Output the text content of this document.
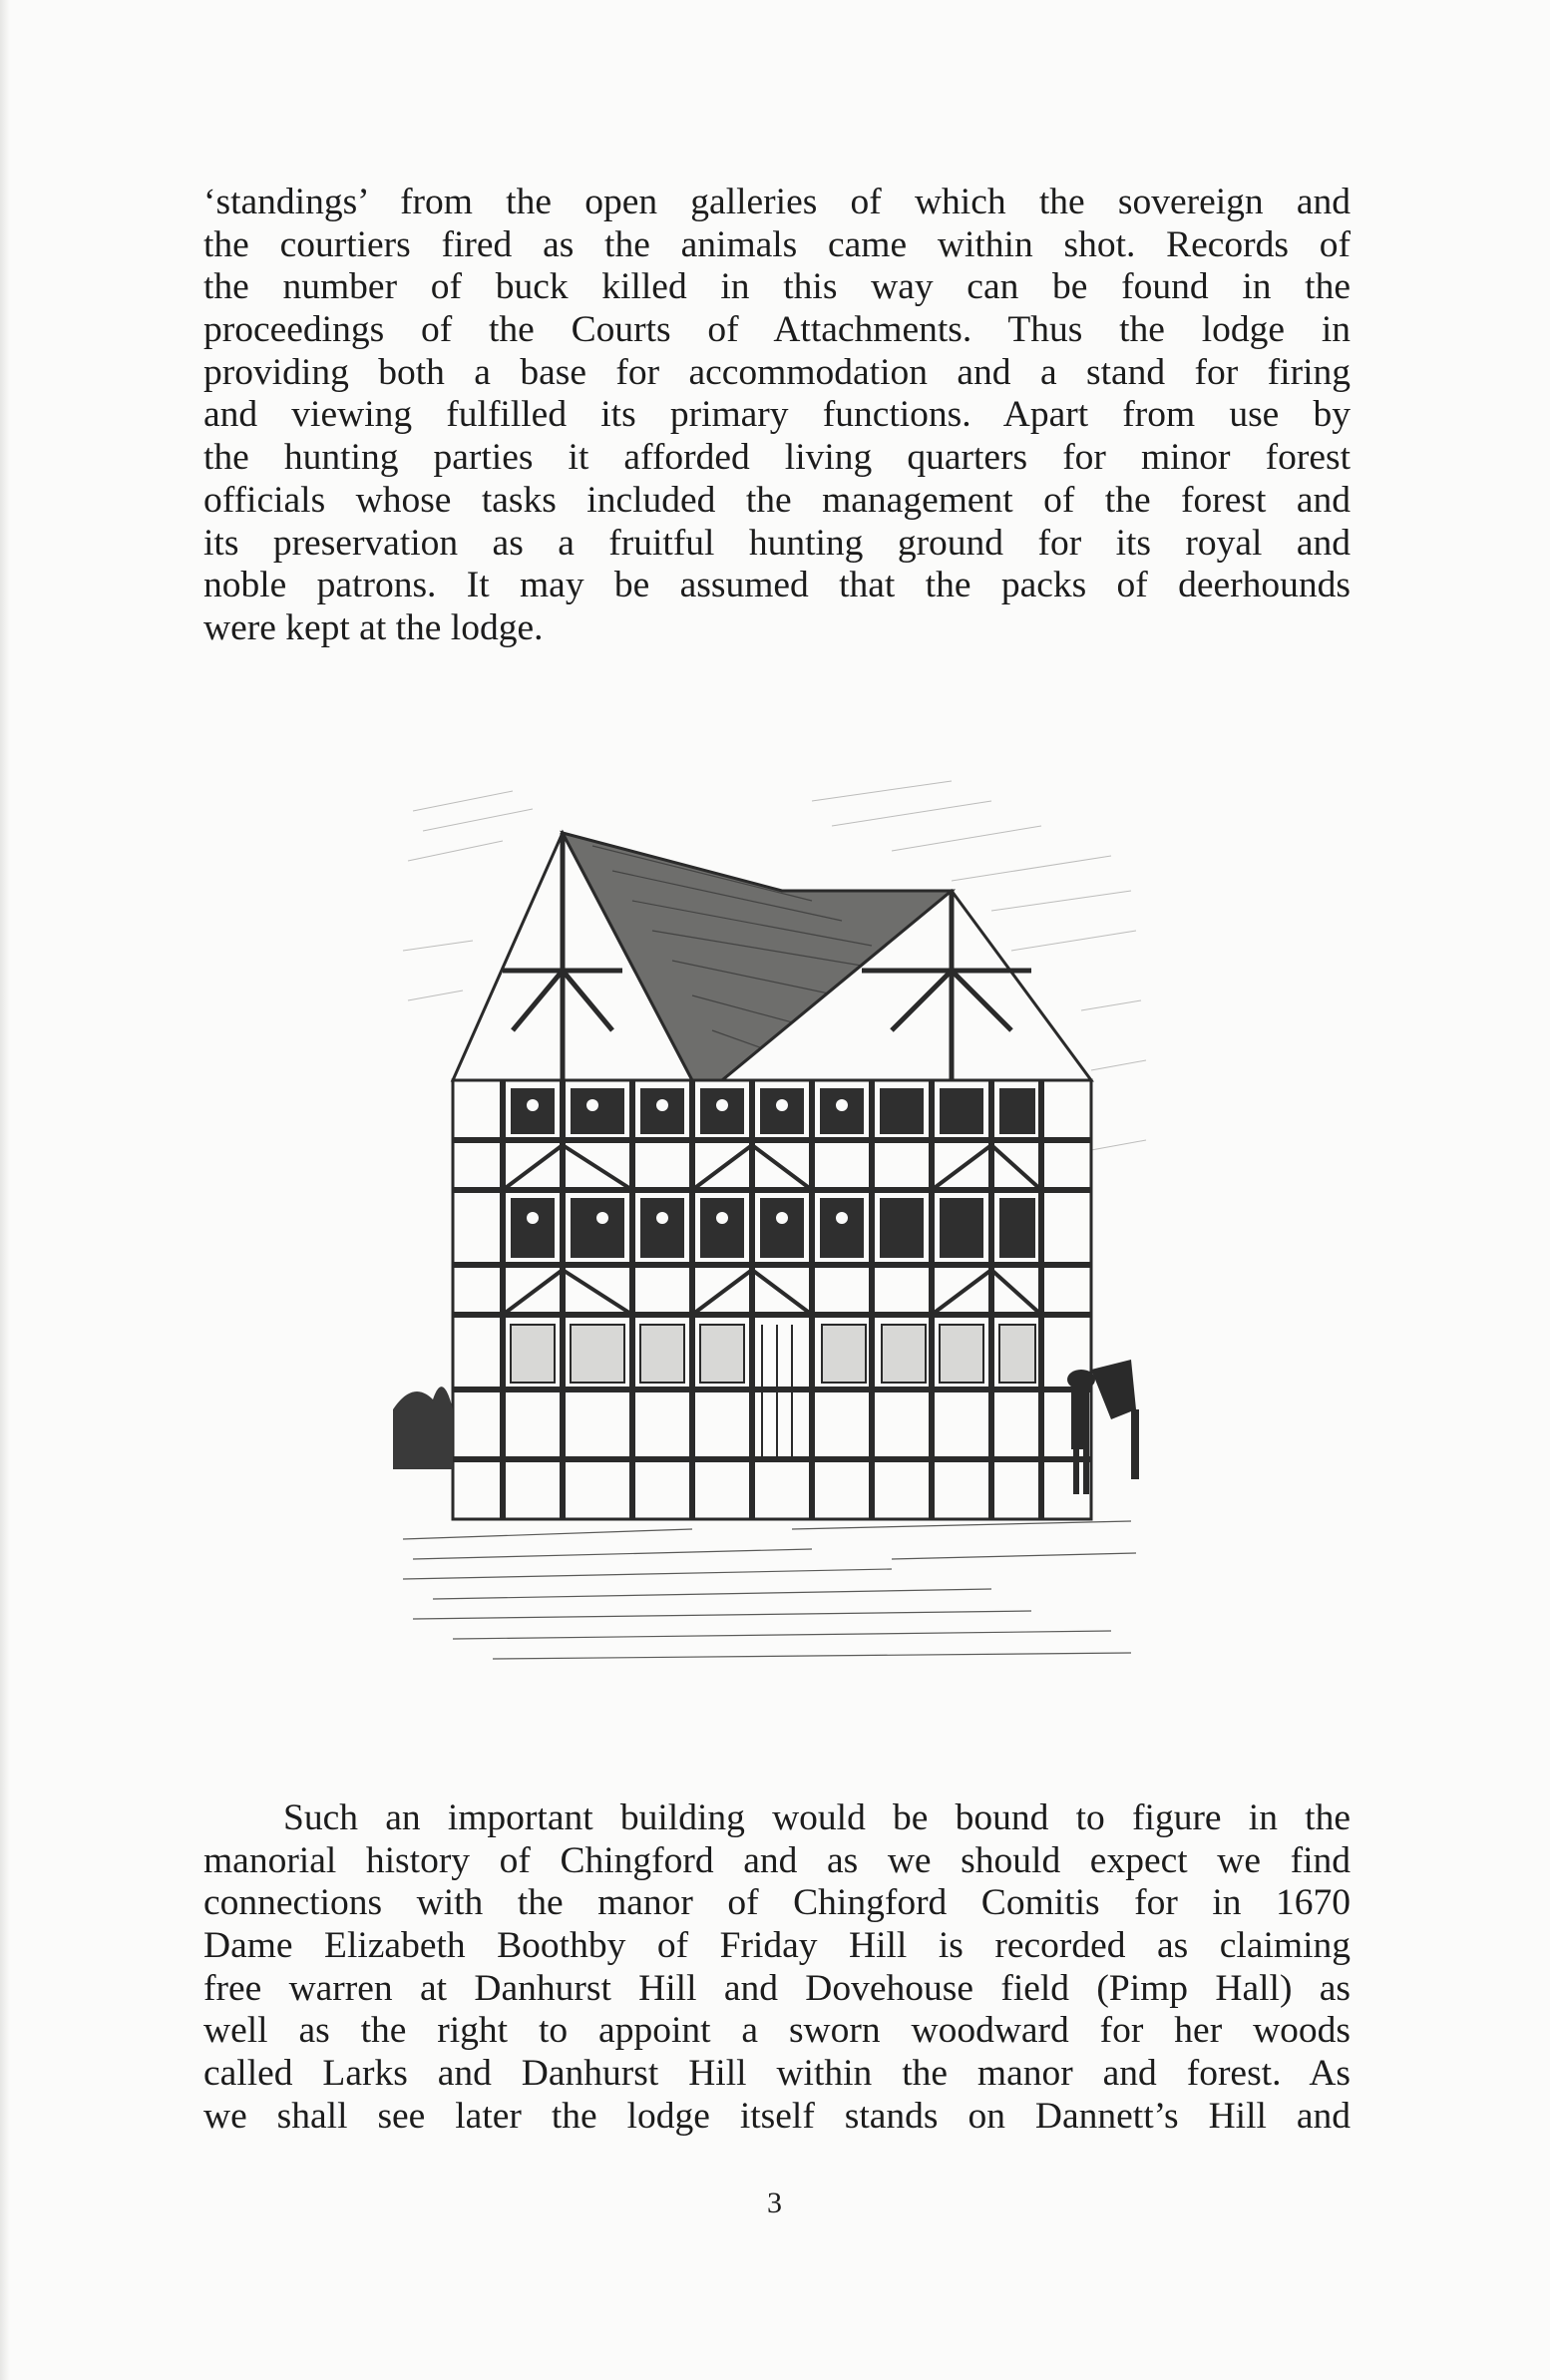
‘standings’ from the open galleries of which the sovereign and
the courtiers fired as the animals came within shot. Records of
the number of buck killed in this way can be found in the
proceedings of the Courts of Attachments. Thus the lodge in
providing both a base for accommodation and a stand for firing
and viewing fulfilled its primary functions. Apart from use by
the hunting parties it afforded living quarters for minor forest
officials whose tasks included the management of the forest and
its preservation as a fruitful hunting ground for its royal and
noble patrons. It may be assumed that the packs of deerhounds
were kept at the lodge.
Such an important building would be bound to figure in the
manorial history of Chingford and as we should expect we find
connections with the manor of Chingford Comitis for in 1670
Dame Elizabeth Boothby of Friday Hill is recorded as claiming
free warren at Danhurst Hill and Dovehouse field (Pimp Hall) as
well as the right to appoint a sworn woodward for her woods
called Larks and Danhurst Hill within the manor and forest. As
we shall see later the lodge itself stands on Dannett’s Hill and
3
